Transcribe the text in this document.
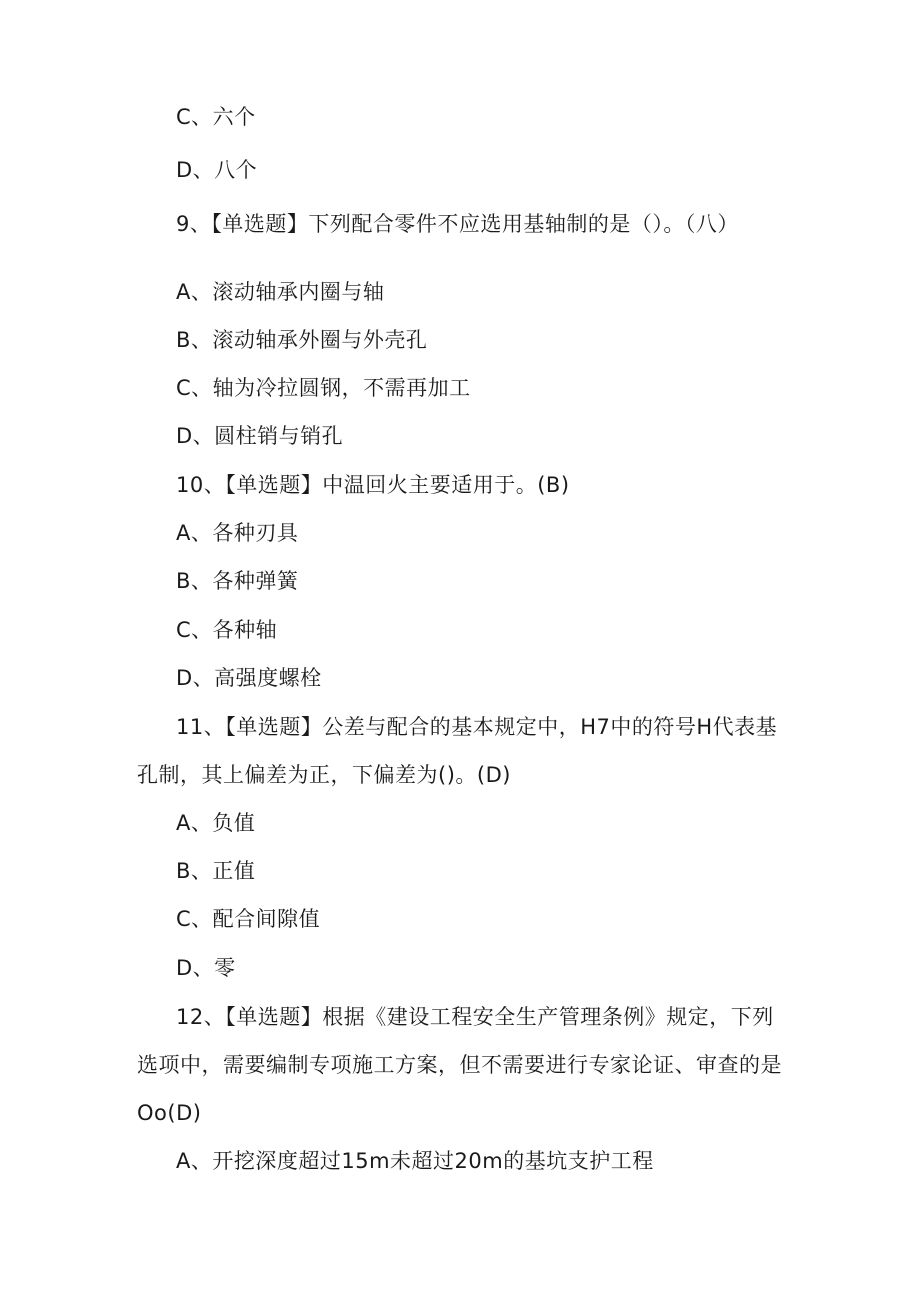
C、六个
D、八个
9、【单选题】下列配合零件不应选用基轴制的是（）。（八）
A、滚动轴承内圈与轴
B、滚动轴承外圈与外壳孔
C、轴为冷拉圆钢，不需再加工
D、圆柱销与销孔
10、【单选题】中温回火主要适用于。(B)
A、各种刃具
B、各种弹簧
C、各种轴
D、高强度螺栓
11、【单选题】公差与配合的基本规定中，H7中的符号H代表基
孔制，其上偏差为正，下偏差为()。(D)
A、负值
B、正值
C、配合间隙值
D、零
12、【单选题】根据《建设工程安全生产管理条例》规定，下列
选项中，需要编制专项施工方案，但不需要进行专家论证、审查的是
Oo(D)
A、开挖深度超过15m未超过20m的基坑支护工程
